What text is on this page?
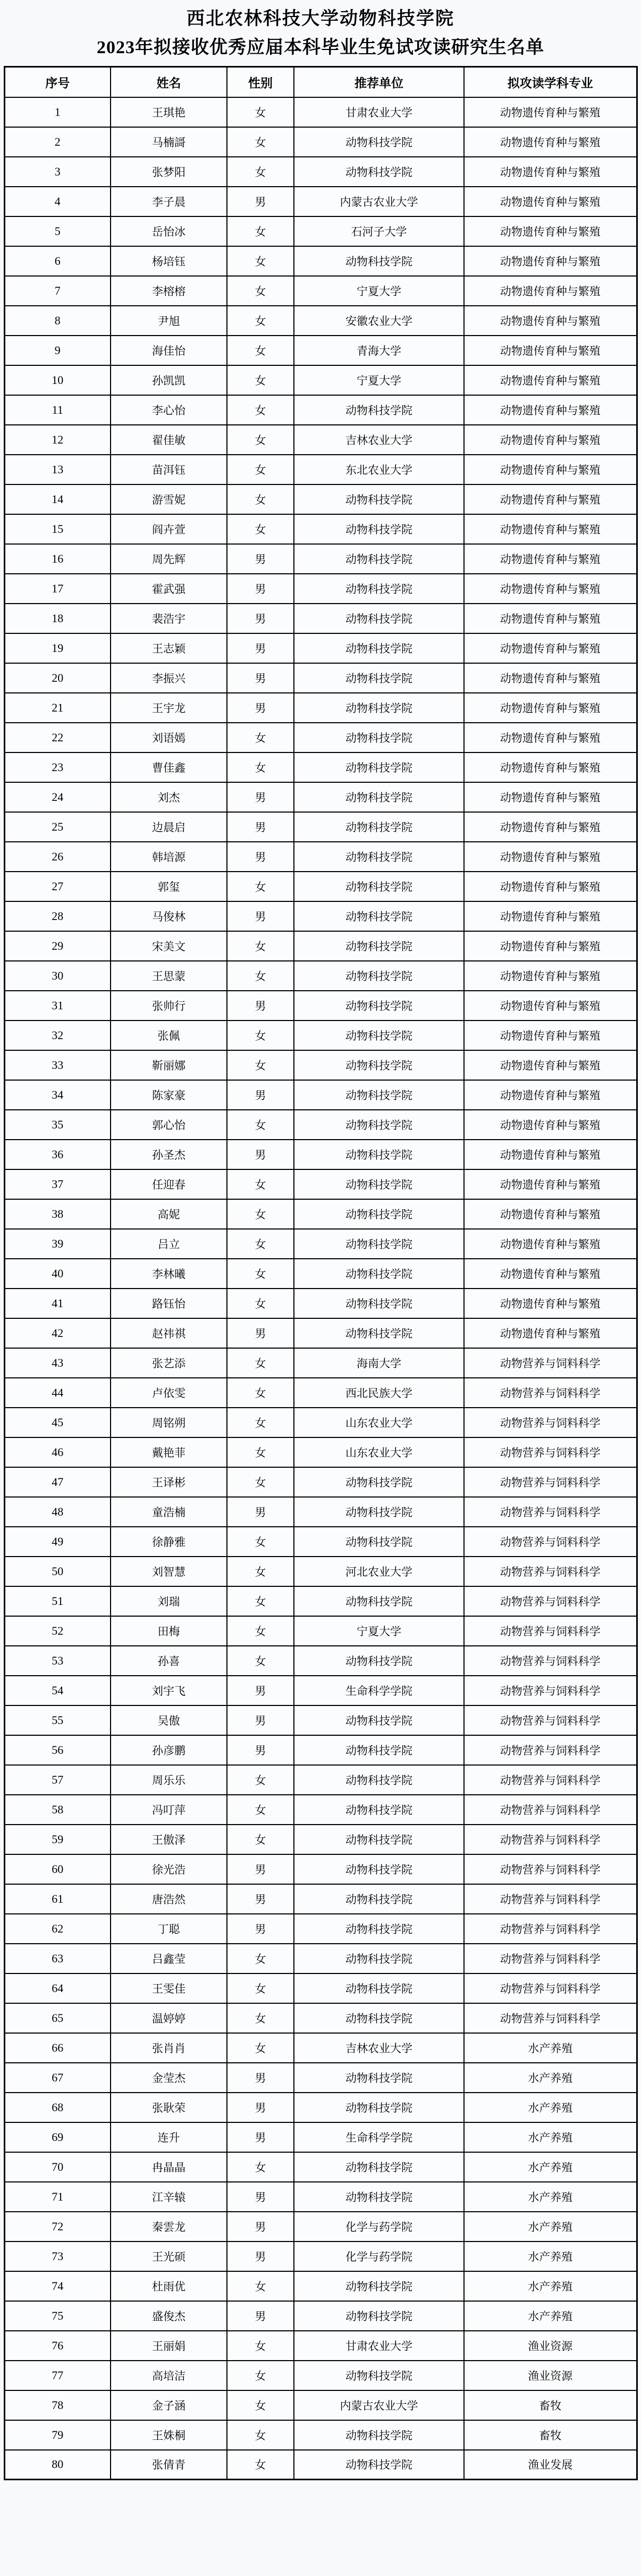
西北农林科技大学动物科技学院
2023年拟接收优秀应届本科毕业生免试攻读研究生名单
序号	姓名	性别	推荐单位	拟攻读学科专业
1	王琪艳	女	甘肃农业大学	动物遗传育种与繁殖
2	马楠謌	女	动物科技学院	动物遗传育种与繁殖
3	张梦阳	女	动物科技学院	动物遗传育种与繁殖
4	李子晨	男	内蒙古农业大学	动物遗传育种与繁殖
5	岳怡冰	女	石河子大学	动物遗传育种与繁殖
6	杨培钰	女	动物科技学院	动物遗传育种与繁殖
7	李榕榕	女	宁夏大学	动物遗传育种与繁殖
8	尹旭	女	安徽农业大学	动物遗传育种与繁殖
9	海佳怡	女	青海大学	动物遗传育种与繁殖
10	孙凯凯	女	宁夏大学	动物遗传育种与繁殖
11	李心怡	女	动物科技学院	动物遗传育种与繁殖
12	翟佳敏	女	吉林农业大学	动物遗传育种与繁殖
13	苗洱钰	女	东北农业大学	动物遗传育种与繁殖
14	游雪妮	女	动物科技学院	动物遗传育种与繁殖
15	阎卉萱	女	动物科技学院	动物遗传育种与繁殖
16	周先辉	男	动物科技学院	动物遗传育种与繁殖
17	霍武强	男	动物科技学院	动物遗传育种与繁殖
18	裴浩宇	男	动物科技学院	动物遗传育种与繁殖
19	王志颖	男	动物科技学院	动物遗传育种与繁殖
20	李振兴	男	动物科技学院	动物遗传育种与繁殖
21	王宇龙	男	动物科技学院	动物遗传育种与繁殖
22	刘语嫣	女	动物科技学院	动物遗传育种与繁殖
23	曹佳鑫	女	动物科技学院	动物遗传育种与繁殖
24	刘杰	男	动物科技学院	动物遗传育种与繁殖
25	边晨启	男	动物科技学院	动物遗传育种与繁殖
26	韩培源	男	动物科技学院	动物遗传育种与繁殖
27	郭玺	女	动物科技学院	动物遗传育种与繁殖
28	马俊林	男	动物科技学院	动物遗传育种与繁殖
29	宋美文	女	动物科技学院	动物遗传育种与繁殖
30	王思蒙	女	动物科技学院	动物遗传育种与繁殖
31	张帅行	男	动物科技学院	动物遗传育种与繁殖
32	张佩	女	动物科技学院	动物遗传育种与繁殖
33	靳丽娜	女	动物科技学院	动物遗传育种与繁殖
34	陈家豪	男	动物科技学院	动物遗传育种与繁殖
35	郭心怡	女	动物科技学院	动物遗传育种与繁殖
36	孙圣杰	男	动物科技学院	动物遗传育种与繁殖
37	任迎春	女	动物科技学院	动物遗传育种与繁殖
38	高妮	女	动物科技学院	动物遗传育种与繁殖
39	吕立	女	动物科技学院	动物遗传育种与繁殖
40	李林曦	女	动物科技学院	动物遗传育种与繁殖
41	路钰怡	女	动物科技学院	动物遗传育种与繁殖
42	赵祎祺	男	动物科技学院	动物遗传育种与繁殖
43	张艺添	女	海南大学	动物营养与饲料科学
44	卢依雯	女	西北民族大学	动物营养与饲料科学
45	周铭朔	女	山东农业大学	动物营养与饲料科学
46	戴艳菲	女	山东农业大学	动物营养与饲料科学
47	王译彬	女	动物科技学院	动物营养与饲料科学
48	童浩楠	男	动物科技学院	动物营养与饲料科学
49	徐静雅	女	动物科技学院	动物营养与饲料科学
50	刘智慧	女	河北农业大学	动物营养与饲料科学
51	刘瑞	女	动物科技学院	动物营养与饲料科学
52	田梅	女	宁夏大学	动物营养与饲料科学
53	孙喜	女	动物科技学院	动物营养与饲料科学
54	刘宇飞	男	生命科学学院	动物营养与饲料科学
55	吴傲	男	动物科技学院	动物营养与饲料科学
56	孙彦鹏	男	动物科技学院	动物营养与饲料科学
57	周乐乐	女	动物科技学院	动物营养与饲料科学
58	冯叮萍	女	动物科技学院	动物营养与饲料科学
59	王傲泽	女	动物科技学院	动物营养与饲料科学
60	徐光浩	男	动物科技学院	动物营养与饲料科学
61	唐浩然	男	动物科技学院	动物营养与饲料科学
62	丁聪	男	动物科技学院	动物营养与饲料科学
63	吕鑫莹	女	动物科技学院	动物营养与饲料科学
64	王雯佳	女	动物科技学院	动物营养与饲料科学
65	温婷婷	女	动物科技学院	动物营养与饲料科学
66	张肖肖	女	吉林农业大学	水产养殖
67	金莹杰	男	动物科技学院	水产养殖
68	张耿荣	男	动物科技学院	水产养殖
69	连升	男	生命科学学院	水产养殖
70	冉晶晶	女	动物科技学院	水产养殖
71	江辛辕	男	动物科技学院	水产养殖
72	秦雲龙	男	化学与药学院	水产养殖
73	王光硕	男	化学与药学院	水产养殖
74	杜雨优	女	动物科技学院	水产养殖
75	盛俊杰	男	动物科技学院	水产养殖
76	王丽娟	女	甘肃农业大学	渔业资源
77	高培洁	女	动物科技学院	渔业资源
78	金子涵	女	内蒙古农业大学	畜牧
79	王姝桐	女	动物科技学院	畜牧
80	张倩青	女	动物科技学院	渔业发展
